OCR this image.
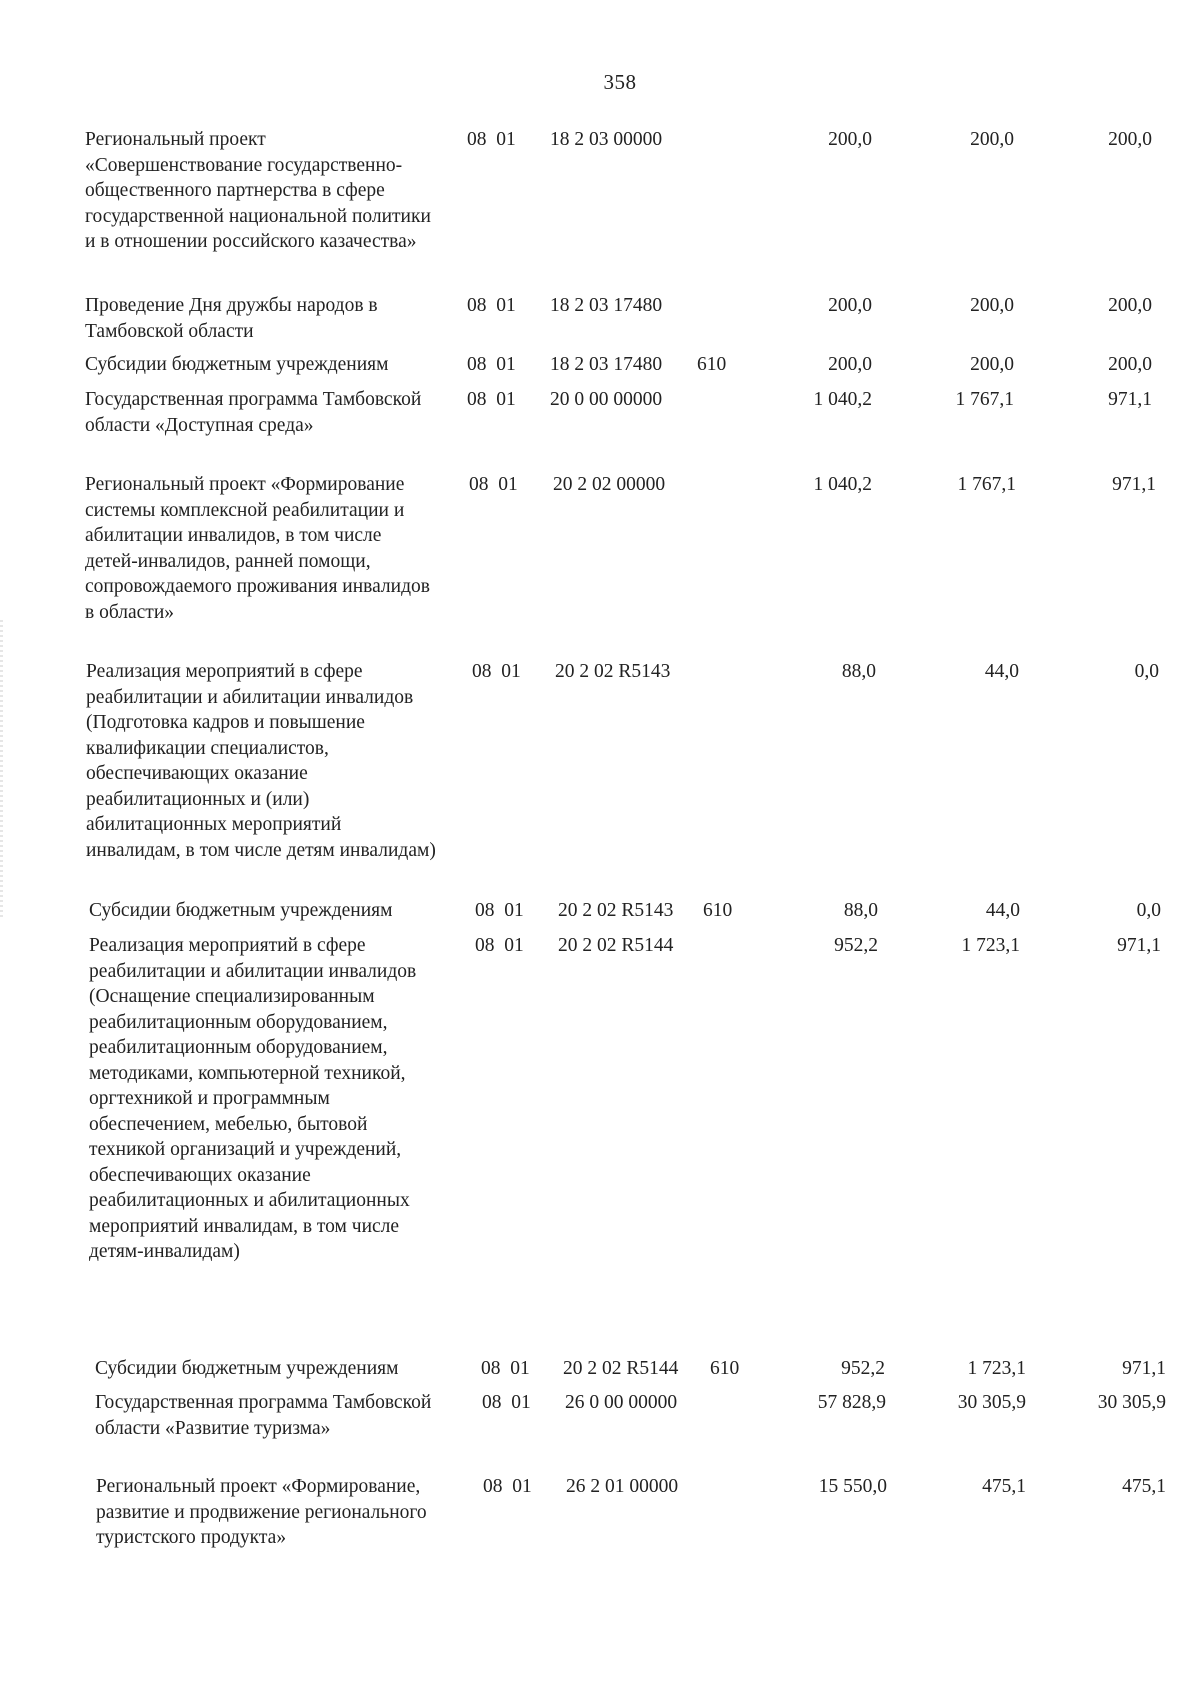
358
Региональный проект «Совершенствование государственно-общественного партнерства в сфере государственной национальной политики и в отношении российского казачества»
08  01 18 2 03 00000	200,0	200,0	200,0
Проведение Дня дружбы народов в Тамбовской области
08  01 18 2 03 17480	200,0	200,0	200,0
Субсидии бюджетным учреждениям	08  01 18 2 03 17480 610	200,0	200,0	200,0
Государственная программа Тамбовской области «Доступная среда»
08  01 20 0 00 00000	1 040,2	1 767,1	971,1
Региональный проект «Формирование системы комплексной реабилитации и абилитации инвалидов, в том числе детей-инвалидов, ранней помощи, сопровождаемого проживания инвалидов в области»
08  01 20 2 02 00000	1 040,2	1 767,1	971,1
Реализация мероприятий в сфере реабилитации и абилитации инвалидов (Подготовка кадров и повышение квалификации специалистов, обеспечивающих оказание реабилитационных и (или) абилитационных мероприятий инвалидам, в том числе детям инвалидам)
08  01 20 2 02 R5143	88,0	44,0	0,0
Субсидии бюджетным учреждениям	08  01 20 2 02 R5143 610	88,0	44,0	0,0
Реализация мероприятий в сфере реабилитации и абилитации инвалидов (Оснащение специализированным реабилитационным оборудованием, реабилитационным оборудованием, методиками, компьютерной техникой, оргтехникой и программным обеспечением, мебелью, бытовой техникой организаций и учреждений, обеспечивающих оказание реабилитационных и абилитационных мероприятий инвалидам, в том числе детям-инвалидам)
08  01 20 2 02 R5144	952,2	1 723,1	971,1
Субсидии бюджетным учреждениям	08  01 20 2 02 R5144 610	952,2	1 723,1	971,1
Государственная программа Тамбовской области «Развитие туризма»
08  01 26 0 00 00000	57 828,9	30 305,9	30 305,9
Региональный проект «Формирование, развитие и продвижение регионального туристского продукта»
08  01 26 2 01 00000	15 550,0	475,1	475,1
